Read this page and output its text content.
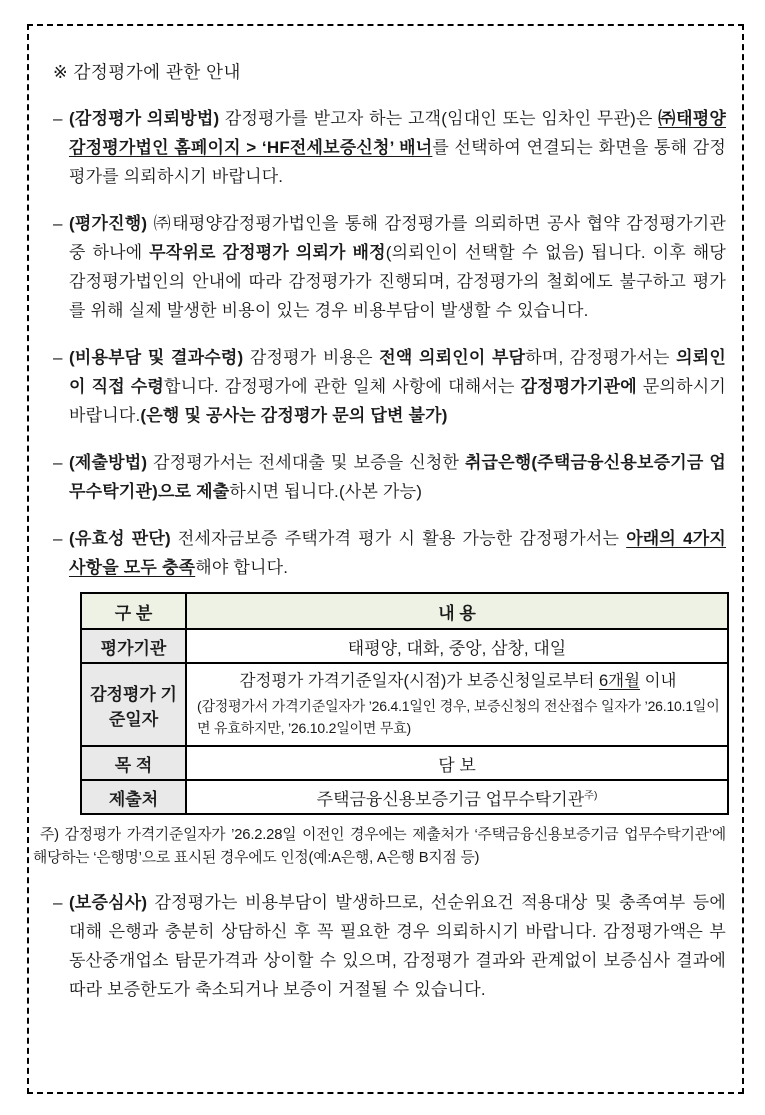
※ 감정평가에 관한 안내
– (감정평가 의뢰방법) 감정평가를 받고자 하는 고객(임대인 또는 임차인 무관)은 ㈜태평양감정평가법인 홈페이지 > ‘HF전세보증신청’ 배너를 선택하여 연결되는 화면을 통해 감정평가를 의뢰하시기 바랍니다.
– (평가진행) ㈜태평양감정평가법인을 통해 감정평가를 의뢰하면 공사 협약 감정평가기관 중 하나에 무작위로 감정평가 의뢰가 배정(의뢰인이 선택할 수 없음) 됩니다. 이후 해당 감정평가법인의 안내에 따라 감정평가가 진행되며, 감정평가의 철회에도 불구하고 평가를 위해 실제 발생한 비용이 있는 경우 비용부담이 발생할 수 있습니다.
– (비용부담 및 결과수령) 감정평가 비용은 전액 의뢰인이 부담하며, 감정평가서는 의뢰인이 직접 수령합니다. 감정평가에 관한 일체 사항에 대해서는 감정평가기관에 문의하시기 바랍니다.(은행 및 공사는 감정평가 문의 답변 불가)
– (제출방법) 감정평가서는 전세대출 및 보증을 신청한 취급은행(주택금융신용보증기금 업무수탁기관)으로 제출하시면 됩니다.(사본 가능)
– (유효성 판단) 전세자금보증 주택가격 평가 시 활용 가능한 감정평가서는 아래의 4가지 사항을 모두 충족해야 합니다.
구 분	내 용
평가기관	태평양, 대화, 중앙, 삼창, 대일
감정평가 기준일자	감정평가 가격기준일자(시점)가 보증신청일로부터 6개월 이내
(감정평가서 가격기준일자가 ’26.4.1일인 경우, 보증신청의 전산접수 일자가 ’26.10.1일이면 유효하지만, ’26.10.2일이면 무효)

목 적	담 보
제출처	주택금융신용보증기금 업무수탁기관$^{주)}$
주) 감정평가 가격기준일자가 ’26.2.28일 이전인 경우에는 제출처가 ‘주택금융신용보증기금 업무수탁기관’에 해당하는 ‘은행명’으로 표시된 경우에도 인정(예:A은행, A은행 B지점 등)
– (보증심사) 감정평가는 비용부담이 발생하므로, 선순위요건 적용대상 및 충족여부 등에 대해 은행과 충분히 상담하신 후 꼭 필요한 경우 의뢰하시기 바랍니다. 감정평가액은 부동산중개업소 탐문가격과 상이할 수 있으며, 감정평가 결과와 관계없이 보증심사 결과에 따라 보증한도가 축소되거나 보증이 거절될 수 있습니다.
